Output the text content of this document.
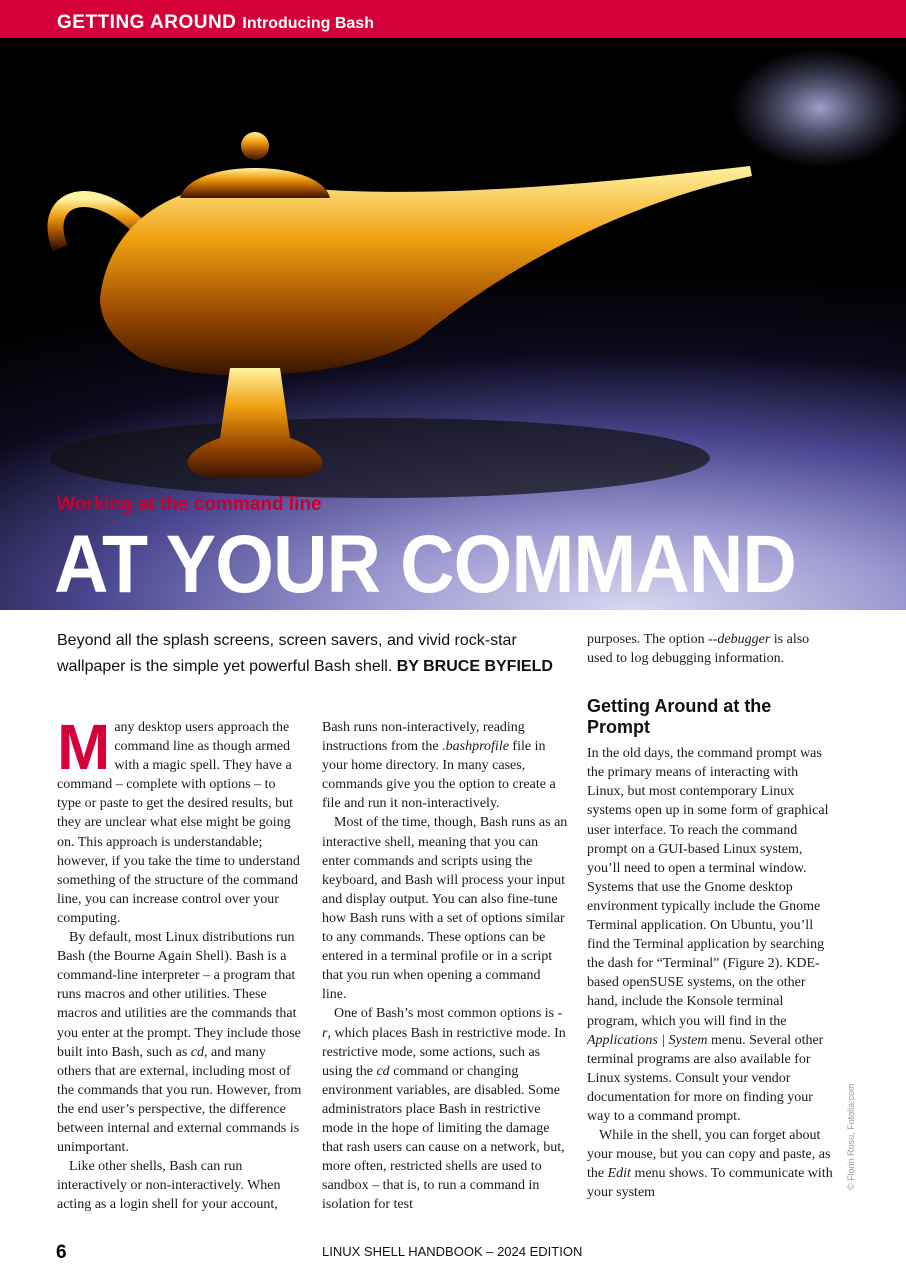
GETTING AROUND Introducing Bash
Working at the command line
AT YOUR COMMAND
Beyond all the splash screens, screen savers, and vivid rock-star wallpaper is the simple yet powerful Bash shell. BY BRUCE BYFIELD
M any desktop users approach the command line as though armed with a magic spell. They have a command – complete with options – to type or paste to get the desired results, but they are unclear what else might be going on. This approach is understandable; however, if you take the time to understand something of the structure of the command line, you can increase control over your computing.

By default, most Linux distributions run Bash (the Bourne Again Shell). Bash is a command-line interpreter – a program that runs macros and other utilities. These macros and utilities are the commands that you enter at the prompt. They include those built into Bash, such as cd, and many others that are external, including most of the commands that you run. However, from the end user’s perspective, the difference between internal and external commands is unimportant.

Like other shells, Bash can run interactively or non-interactively. When acting as a login shell for your account,

Bash runs non-interactively, reading instructions from the .bashprofile file in your home directory. In many cases, commands give you the option to create a file and run it non-interactively.

Most of the time, though, Bash runs as an interactive shell, meaning that you can enter commands and scripts using the keyboard, and Bash will process your input and display output. You can also fine-tune how Bash runs with a set of options similar to any commands. These options can be entered in a terminal profile or in a script that you run when opening a command line.

One of Bash’s most common options is -r, which places Bash in restrictive mode. In restrictive mode, some actions, such as using the cd command or changing environment variables, are disabled. Some administrators place Bash in restrictive mode in the hope of limiting the damage that rash users can cause on a network, but, more often, restricted shells are used to sandbox – that is, to run a command in isolation for test

purposes. The option --debugger is also used to log debugging information.

Getting Around at the Prompt

In the old days, the command prompt was the primary means of interacting with Linux, but most contemporary Linux systems open up in some form of graphical user interface. To reach the command prompt on a GUI-based Linux system, you’ll need to open a terminal window. Systems that use the Gnome desktop environment typically include the Gnome Terminal application. On Ubuntu, you’ll find the Terminal application by searching the dash for “Terminal” (Figure 2). KDE-based openSUSE systems, on the other hand, include the Konsole terminal program, which you will find in the Applications | System menu. Several other terminal programs are also available for Linux systems. Consult your vendor documentation for more on finding your way to a command prompt.

While in the shell, you can forget about your mouse, but you can copy and paste, as the Edit menu shows. To communicate with your system

© Florin Rosu, Fotolia.com
6	LINUX SHELL HANDBOOK – 2024 EDITION
